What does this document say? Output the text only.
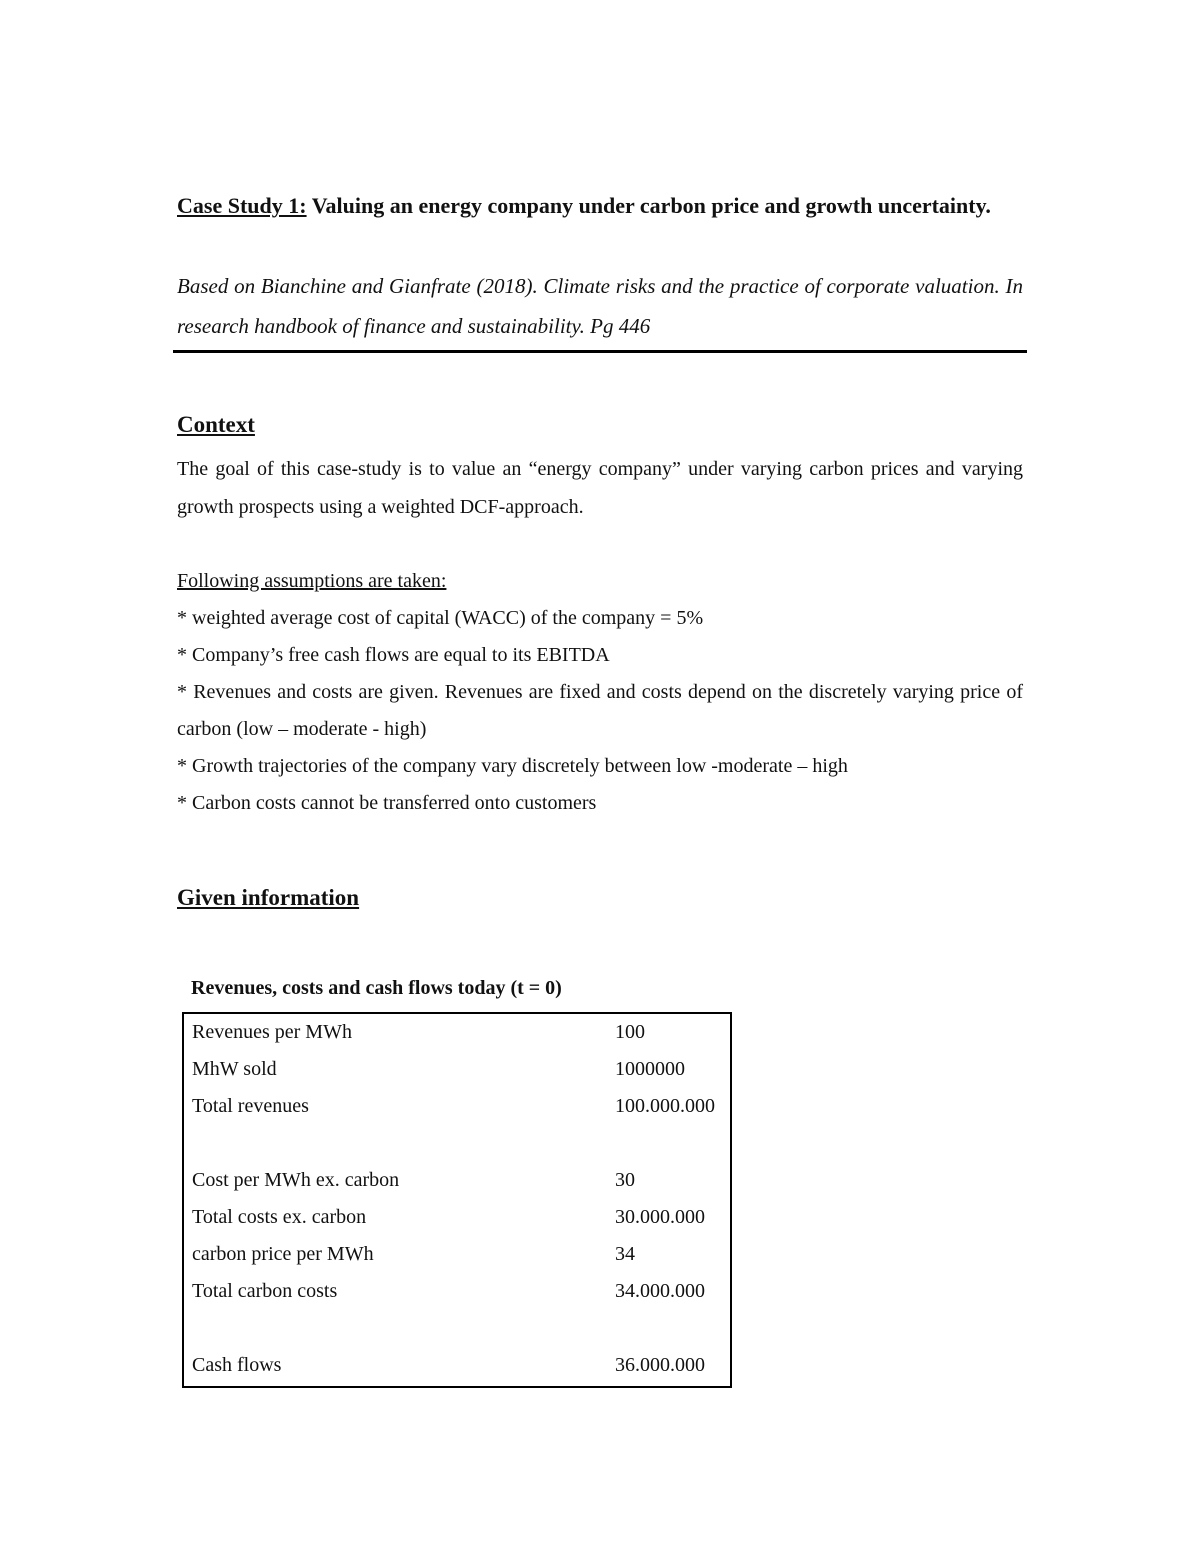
Case Study 1: Valuing an energy company under carbon price and growth uncertainty.
Based on Bianchine and Gianfrate (2018). Climate risks and the practice of corporate valuation. In research handbook of finance and sustainability. Pg 446
Context
The goal of this case-study is to value an “energy company” under varying carbon prices and varying growth prospects using a weighted DCF-approach.
Following assumptions are taken:
* weighted average cost of capital (WACC) of the company = 5%
* Company’s free cash flows are equal to its EBITDA
* Revenues and costs are given. Revenues are fixed and costs depend on the discretely varying price of carbon (low – moderate - high)
* Growth trajectories of the company vary discretely between low -moderate – high
* Carbon costs cannot be transferred onto customers
Given information
Revenues, costs and cash flows today (t = 0)
Revenues per MWh	100
MhW sold	1000000
Total revenues	100.000.000
Cost per MWh ex. carbon	30
Total costs ex. carbon	30.000.000
carbon price per MWh	34
Total carbon costs	34.000.000
Cash flows	36.000.000
